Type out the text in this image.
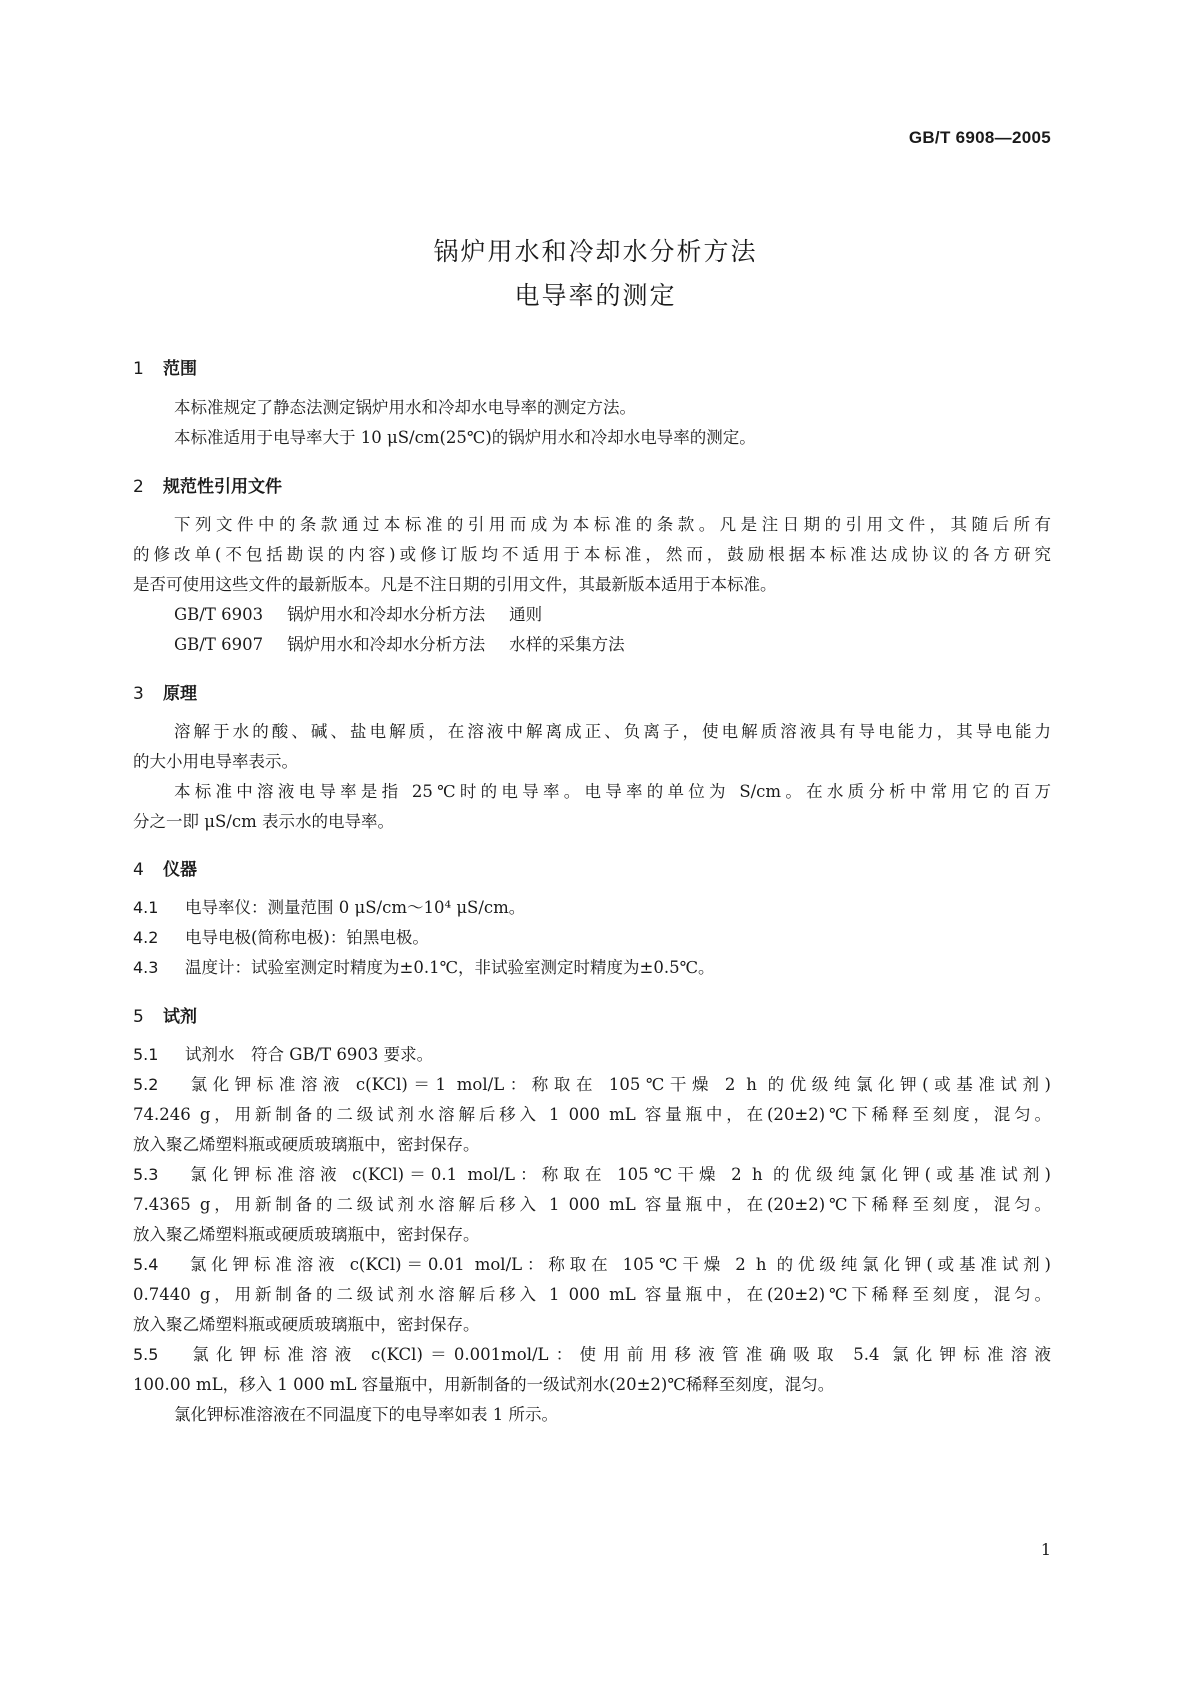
GB/T 6908—2005
锅炉用水和冷却水分析方法
电导率的测定
1 范围
本标准规定了静态法测定锅炉用水和冷却水电导率的测定方法。
本标准适用于电导率大于 10 μS/cm(25℃)的锅炉用水和冷却水电导率的测定。
2 规范性引用文件
下列文件中的条款通过本标准的引用而成为本标准的条款。凡是注日期的引用文件，其随后所有
的修改单(不包括勘误的内容)或修订版均不适用于本标准，然而，鼓励根据本标准达成协议的各方研究
是否可使用这些文件的最新版本。凡是不注日期的引用文件，其最新版本适用于本标准。
GB/T 6903 锅炉用水和冷却水分析方法 通则
GB/T 6907 锅炉用水和冷却水分析方法 水样的采集方法
3 原理
溶解于水的酸、碱、盐电解质，在溶液中解离成正、负离子，使电解质溶液具有导电能力，其导电能力
的大小用电导率表示。
本标准中溶液电导率是指 25℃时的电导率。电导率的单位为 S/cm。在水质分析中常用它的百万
分之一即 μS/cm 表示水的电导率。
4 仪器
4.1 电导率仪：测量范围 0 μS/cm～10⁴ μS/cm。
4.2 电导电极(简称电极)：铂黑电极。
4.3 温度计：试验室测定时精度为±0.1℃，非试验室测定时精度为±0.5℃。
5 试剂
5.1 试剂水　符合 GB/T 6903 要求。
5.2 氯化钾标准溶液 c(KCl)＝1 mol/L：称取在 105℃干燥 2 h 的优级纯氯化钾(或基准试剂)
74.246 g，用新制备的二级试剂水溶解后移入 1 000 mL 容量瓶中，在(20±2)℃下稀释至刻度，混匀。
放入聚乙烯塑料瓶或硬质玻璃瓶中，密封保存。
5.3 氯化钾标准溶液 c(KCl)＝0.1 mol/L：称取在 105℃干燥 2 h 的优级纯氯化钾(或基准试剂)
7.4365 g，用新制备的二级试剂水溶解后移入 1 000 mL 容量瓶中，在(20±2)℃下稀释至刻度，混匀。
放入聚乙烯塑料瓶或硬质玻璃瓶中，密封保存。
5.4 氯化钾标准溶液 c(KCl)＝0.01 mol/L：称取在 105℃干燥 2 h 的优级纯氯化钾(或基准试剂)
0.7440 g，用新制备的二级试剂水溶解后移入 1 000 mL 容量瓶中，在(20±2)℃下稀释至刻度，混匀。
放入聚乙烯塑料瓶或硬质玻璃瓶中，密封保存。
5.5 氯化钾标准溶液 c(KCl)＝0.001mol/L：使用前用移液管准确吸取 5.4 氯化钾标准溶液
100.00 mL，移入 1 000 mL 容量瓶中，用新制备的一级试剂水(20±2)℃稀释至刻度，混匀。
氯化钾标准溶液在不同温度下的电导率如表 1 所示。
1
